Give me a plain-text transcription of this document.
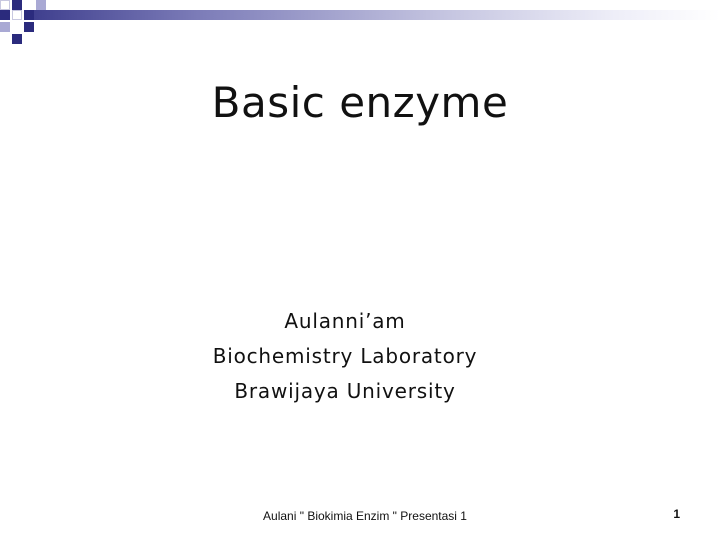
Basic enzyme
Aulanni’am
Biochemistry Laboratory
Brawijaya University
Aulani " Biokimia Enzim " Presentasi 1	1
